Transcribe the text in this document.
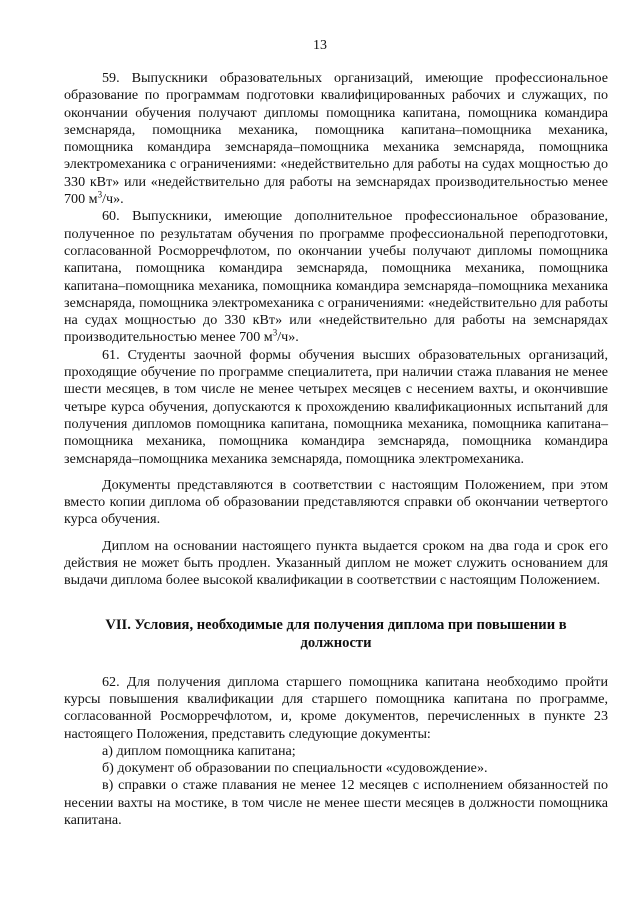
13

59. Выпускники образовательных организаций, имеющие профессиональное образование по программам подготовки квалифицированных рабочих и служащих, по окончании обучения получают дипломы помощника капитана, помощника командира земснаряда, помощника механика, помощника капитана–помощника механика, помощника командира земснаряда–помощника механика земснаряда, помощника электромеханика с ограничениями: «недействительно для работы на судах мощностью до 330 кВт» или «недействительно для работы на земснарядах производительностью менее 700 $м^3/ч$».

60. Выпускники, имеющие дополнительное профессиональное образование, полученное по результатам обучения по программе профессиональной переподготовки, согласованной Росморречфлотом, по окончании учебы получают дипломы помощника капитана, помощника командира земснаряда, помощника механика, помощника капитана–помощника механика, помощника командира земснаряда–помощника механика земснаряда, помощника электромеханика с ограничениями: «недействительно для работы на судах мощностью до 330 кВт» или «недействительно для работы на земснарядах производительностью менее 700 $м^3/ч$».

61. Студенты заочной формы обучения высших образовательных организаций, проходящие обучение по программе специалитета, при наличии стажа плавания не менее шести месяцев, в том числе не менее четырех месяцев с несением вахты, и окончившие четыре курса обучения, допускаются к прохождению квалификационных испытаний для получения дипломов помощника капитана, помощника механика, помощника капитана–помощника механика, помощника командира земснаряда, помощника командира земснаряда–помощника механика земснаряда, помощника электромеханика.

Документы представляются в соответствии с настоящим Положением, при этом вместо копии диплома об образовании представляются справки об окончании четвертого курса обучения.

Диплом на основании настоящего пункта выдается сроком на два года и срок его действия не может быть продлен. Указанный диплом не может служить основанием для выдачи диплома более высокой квалификации в соответствии с настоящим Положением.

VII. Условия, необходимые для получения диплома при повышении в должности

62. Для получения диплома старшего помощника капитана необходимо пройти курсы повышения квалификации для старшего помощника капитана по программе, согласованной Росморречфлотом, и, кроме документов, перечисленных в пункте 23 настоящего Положения, представить следующие документы:

а) диплом помощника капитана;

б) документ об образовании по специальности «судовождение».

в) справки о стаже плавания не менее 12 месяцев с исполнением обязанностей по несении вахты на мостике, в том числе не менее шести месяцев в должности помощника капитана.
